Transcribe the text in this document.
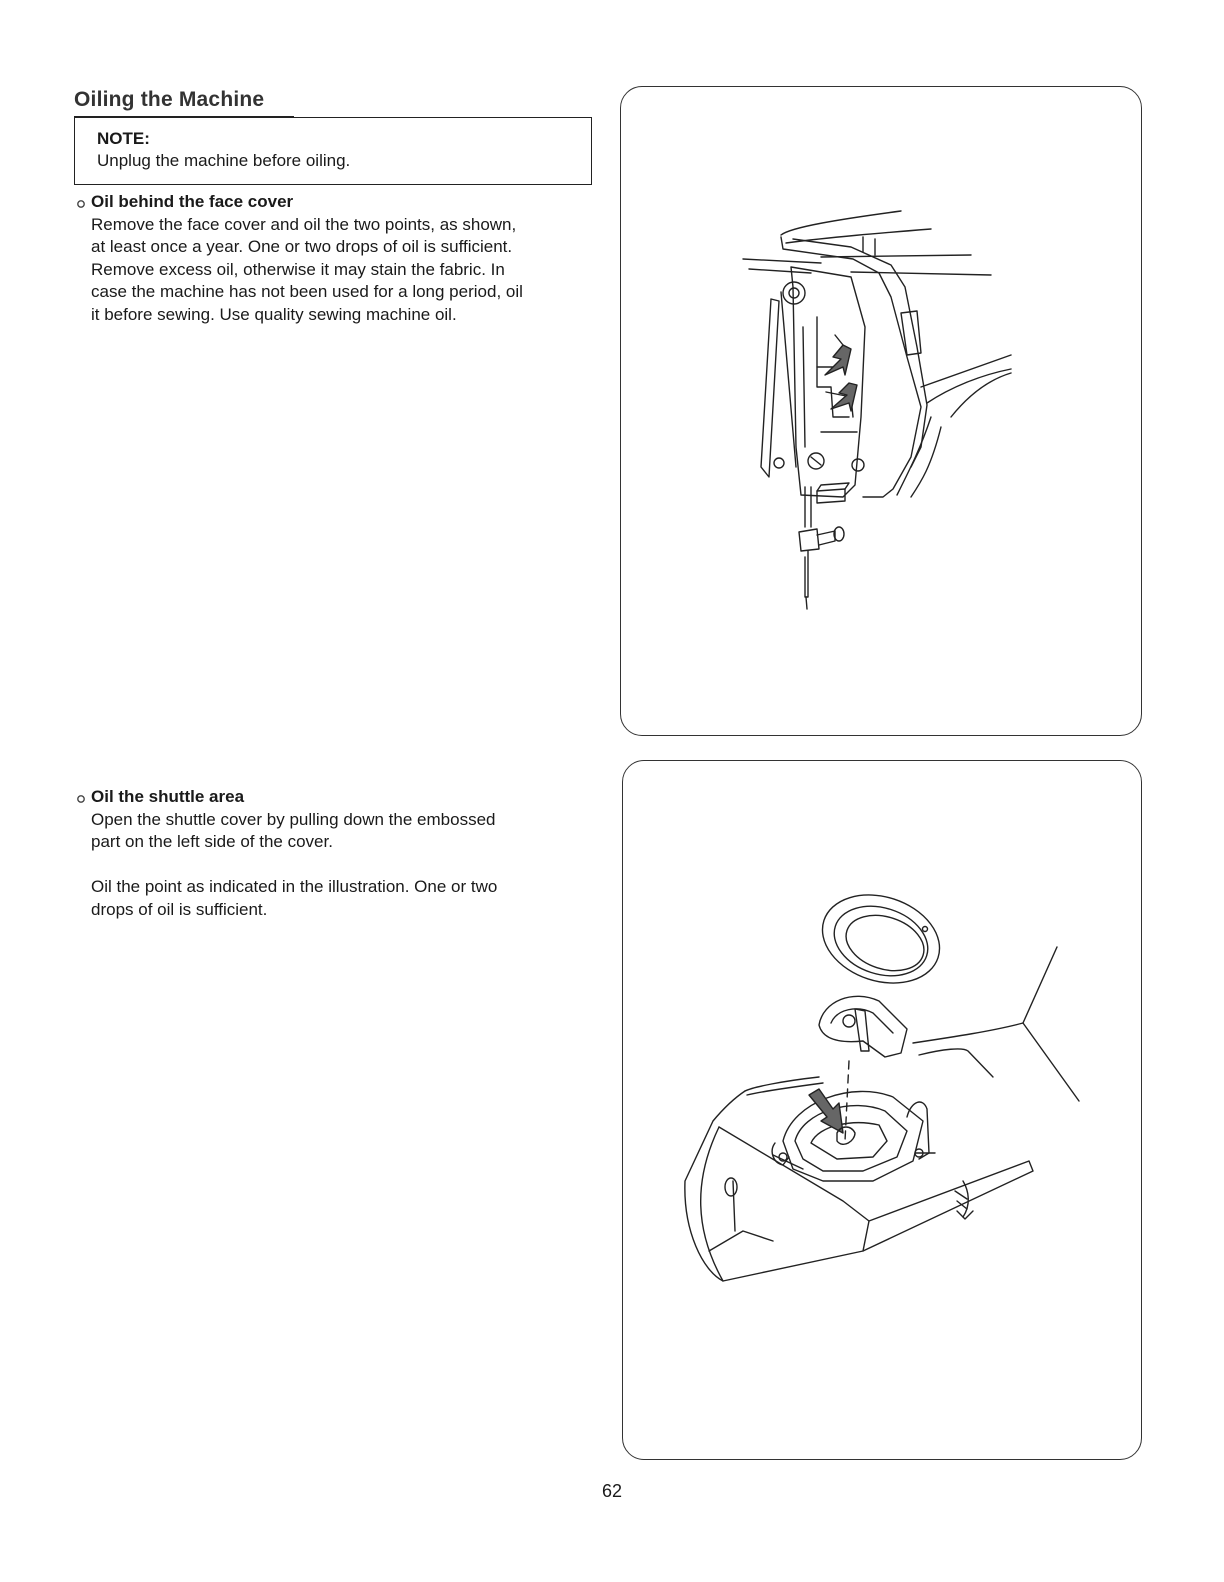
Oiling the Machine
NOTE:
Unplug the machine before oiling.
Oil behind the face cover
Remove the face cover and oil the two points, as shown,
at least once a year. One or two drops of oil is sufficient.
Remove excess oil, otherwise it may stain the fabric. In
case the machine has not been used for a long period, oil
it before sewing. Use quality sewing machine oil.
Oil the shuttle area
Open the shuttle cover by pulling down the embossed
part on the left side of the cover.
Oil the point as indicated in the illustration. One or two
drops of oil is sufficient.
62
